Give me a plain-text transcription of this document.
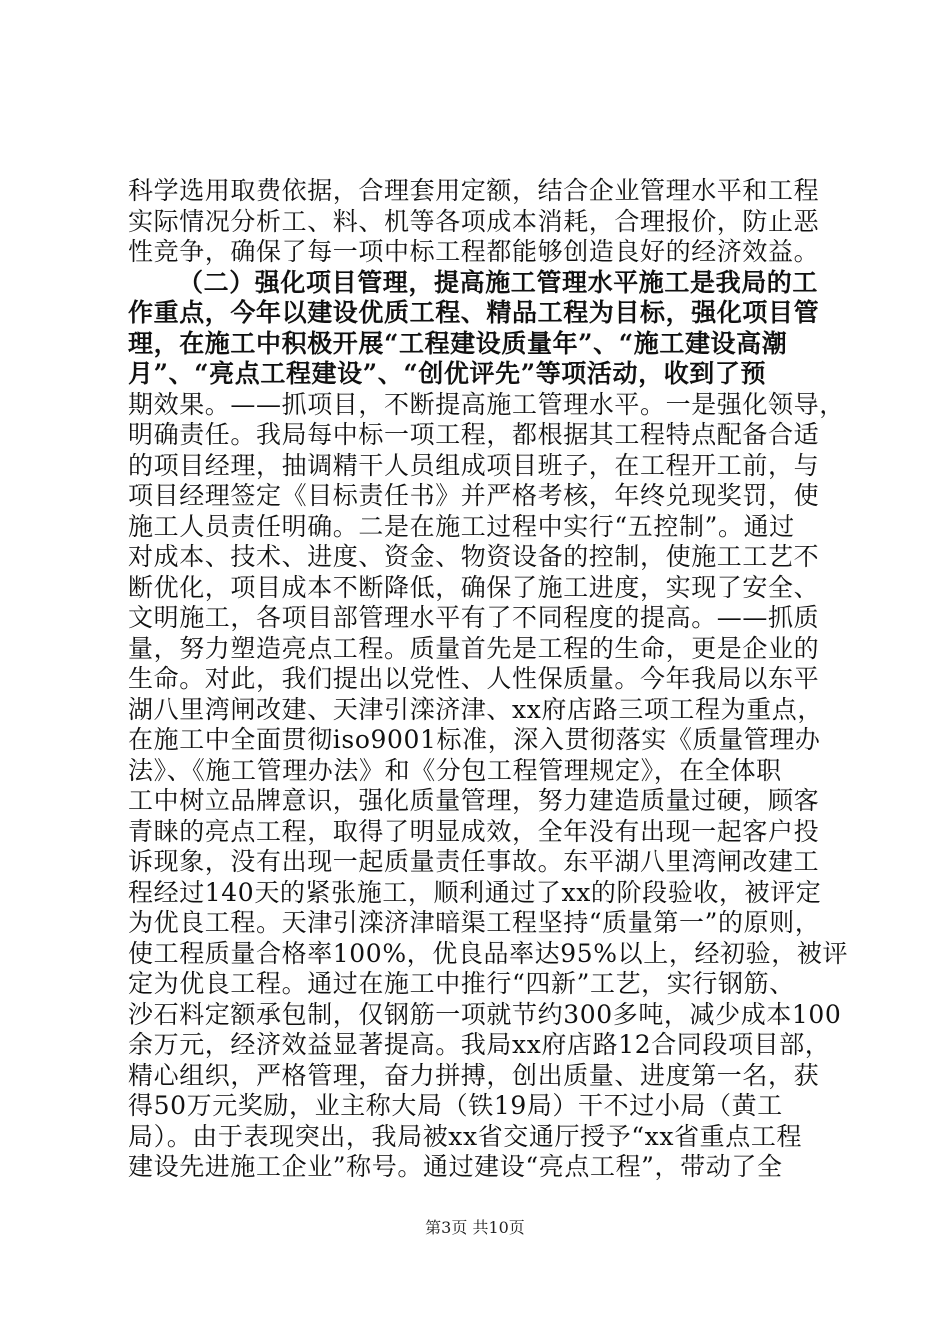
科学选用取费依据，合理套用定额，结合企业管理水平和工程
实际情况分析工、料、机等各项成本消耗，合理报价，防止恶
性竞争，确保了每一项中标工程都能够创造良好的经济效益。

（二）强化项目管理，提高施工管理水平施工是我局的工
作重点，今年以建设优质工程、精品工程为目标，强化项目管
理，在施工中积极开展“工程建设质量年”、“施工建设高潮
月”、“亮点工程建设”、“创优评先”等项活动，收到了预
期效果。——抓项目，不断提高施工管理水平。一是强化领导，
明确责任。我局每中标一项工程，都根据其工程特点配备合适
的项目经理，抽调精干人员组成项目班子，在工程开工前，与
项目经理签定《目标责任书》并严格考核，年终兑现奖罚，使
施工人员责任明确。二是在施工过程中实行“五控制”。通过
对成本、技术、进度、资金、物资设备的控制，使施工工艺不
断优化，项目成本不断降低，确保了施工进度，实现了安全、
文明施工，各项目部管理水平有了不同程度的提高。——抓质
量，努力塑造亮点工程。质量首先是工程的生命，更是企业的
生命。对此，我们提出以党性、人性保质量。今年我局以东平
湖八里湾闸改建、天津引滦济津、xx府店路三项工程为重点，
在施工中全面贯彻iso9001标准，深入贯彻落实《质量管理办
法》、《施工管理办法》和《分包工程管理规定》，在全体职
工中树立品牌意识，强化质量管理，努力建造质量过硬，顾客
青睐的亮点工程，取得了明显成效，全年没有出现一起客户投
诉现象，没有出现一起质量责任事故。东平湖八里湾闸改建工
程经过140天的紧张施工，顺利通过了xx的阶段验收，被评定
为优良工程。天津引滦济津暗渠工程坚持“质量第一”的原则，
使工程质量合格率100%，优良品率达95%以上，经初验，被评
定为优良工程。通过在施工中推行“四新”工艺，实行钢筋、
沙石料定额承包制，仅钢筋一项就节约300多吨，减少成本100
余万元，经济效益显著提高。我局xx府店路12合同段项目部，
精心组织，严格管理，奋力拼搏，创出质量、进度第一名，获
得50万元奖励，业主称大局（铁19局）干不过小局（黄工
局）。由于表现突出，我局被xx省交通厅授予“xx省重点工程
建设先进施工企业”称号。通过建设“亮点工程”，带动了全

第3页 共10页
